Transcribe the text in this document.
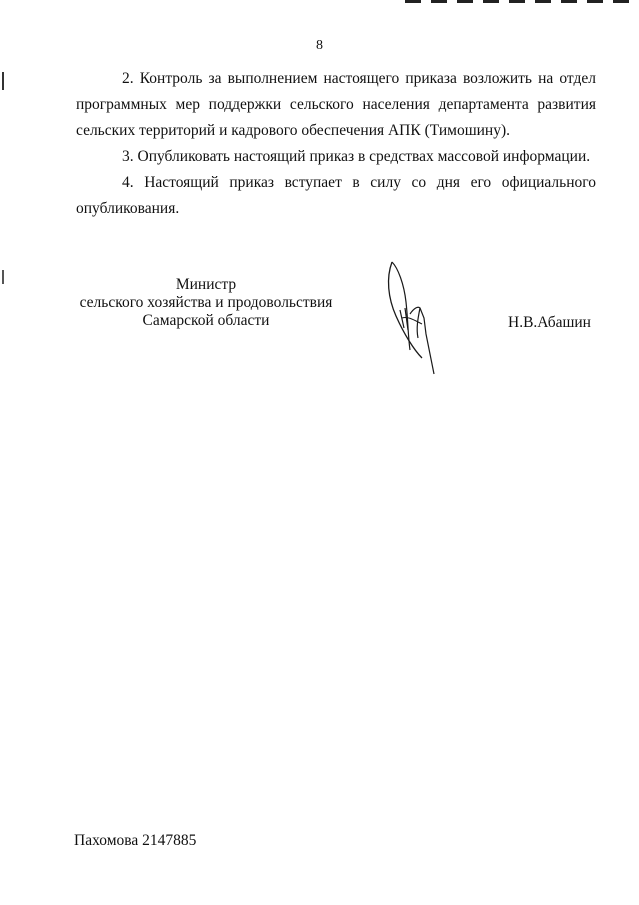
8

2. Контроль за выполнением настоящего приказа возложить на отдел программных мер поддержки сельского населения департамента развития сельских территорий и кадрового обеспечения АПК (Тимошину).

3. Опубликовать настоящий приказ в средствах массовой информации.

4. Настоящий приказ вступает в силу со дня его официального опубликования.

Министр
сельского хозяйства и продовольствия
Самарской области	Н.В.Абашин
Пахомова 2147885
